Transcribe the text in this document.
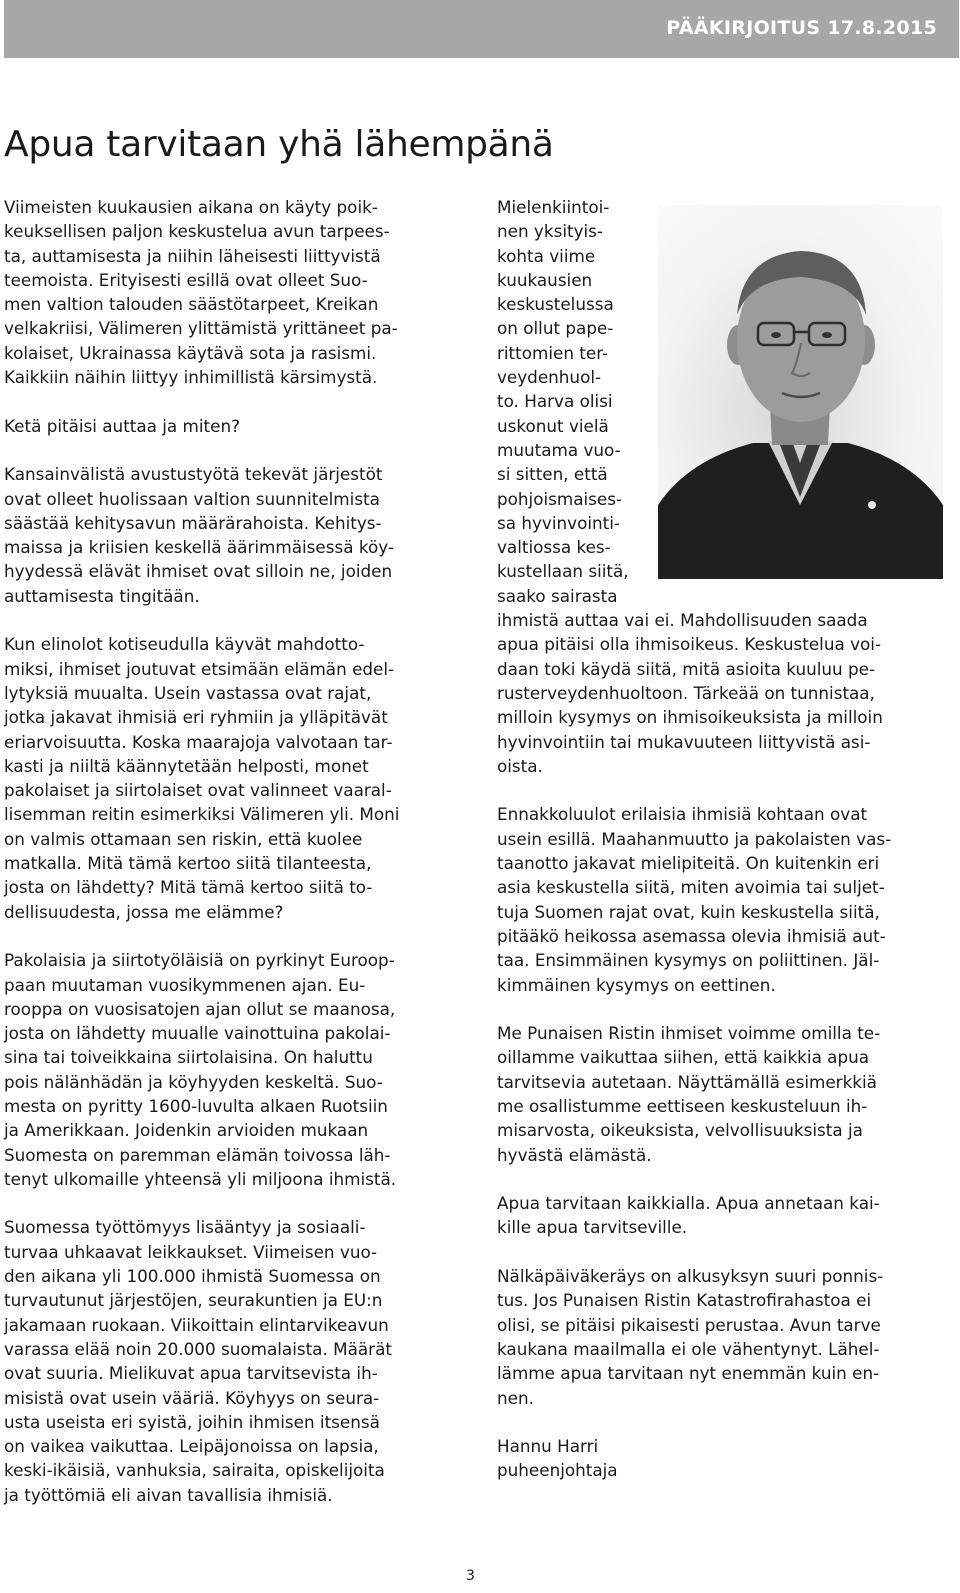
PÄÄKIRJOITUS 17.8.2015
Apua tarvitaan yhä lähempänä

Viimeisten kuukausien aikana on käyty poik-
keuksellisen paljon keskustelua avun tarpees-
ta, auttamisesta ja niihin läheisesti liittyvistä
teemoista. Erityisesti esillä ovat olleet Suo-
men valtion talouden säästötarpeet, Kreikan
velkakriisi, Välimeren ylittämistä yrittäneet pa-
kolaiset, Ukrainassa käytävä sota ja rasismi.
Kaikkiin näihin liittyy inhimillistä kärsimystä.

Ketä pitäisi auttaa ja miten?

Kansainvälistä avustustyötä tekevät järjestöt
ovat olleet huolissaan valtion suunnitelmista
säästää kehitysavun määrärahoista. Kehitys-
maissa ja kriisien keskellä äärimmäisessä köy-
hyydessä elävät ihmiset ovat silloin ne, joiden
auttamisesta tingitään.

Kun elinolot kotiseudulla käyvät mahdotto-
miksi, ihmiset joutuvat etsimään elämän edel-
lytyksiä muualta. Usein vastassa ovat rajat,
jotka jakavat ihmisiä eri ryhmiin ja ylläpitävät
eriarvoisuutta. Koska maarajoja valvotaan tar-
kasti ja niiltä käännytetään helposti, monet
pakolaiset ja siirtolaiset ovat valinneet vaaral-
lisemman reitin esimerkiksi Välimeren yli. Moni
on valmis ottamaan sen riskin, että kuolee
matkalla. Mitä tämä kertoo siitä tilanteesta,
josta on lähdetty? Mitä tämä kertoo siitä to-
dellisuudesta, jossa me elämme?

Pakolaisia ja siirtotyöläisiä on pyrkinyt Euroop-
paan muutaman vuosikymmenen ajan. Eu-
rooppa on vuosisatojen ajan ollut se maanosa,
josta on lähdetty muualle vainottuina pakolai-
sina tai toiveikkaina siirtolaisina. On haluttu
pois nälänhädän ja köyhyyden keskeltä. Suo-
mesta on pyritty 1600-luvulta alkaen Ruotsiin
ja Amerikkaan. Joidenkin arvioiden mukaan
Suomesta on paremman elämän toivossa läh-
tenyt ulkomaille yhteensä yli miljoona ihmistä.

Suomessa työttömyys lisääntyy ja sosiaali-
turvaa uhkaavat leikkaukset. Viimeisen vuo-
den aikana yli 100.000 ihmistä Suomessa on
turvautunut järjestöjen, seurakuntien ja EU:n
jakamaan ruokaan. Viikoittain elintarvikeavun
varassa elää noin 20.000 suomalaista. Määrät
ovat suuria. Mielikuvat apua tarvitsevista ih-
misistä ovat usein vääriä. Köyhyys on seura-
usta useista eri syistä, joihin ihmisen itsensä
on vaikea vaikuttaa. Leipäjonoissa on lapsia,
keski-ikäisiä, vanhuksia, sairaita, opiskelijoita
ja työttömiä eli aivan tavallisia ihmisiä.

Mielenkiintoi-
nen yksityis-
kohta viime
kuukausien
keskustelussa
on ollut pape-
rittomien ter-
veydenhuol-
to. Harva olisi
uskonut vielä
muutama vuo-
si sitten, että
pohjoismaises-
sa hyvinvointi-
valtiossa kes-
kustellaan siitä,
saako sairasta
ihmistä auttaa vai ei. Mahdollisuuden saada
apua pitäisi olla ihmisoikeus. Keskustelua voi-
daan toki käydä siitä, mitä asioita kuuluu pe-
rusterveydenhuoltoon. Tärkeää on tunnistaa,
milloin kysymys on ihmisoikeuksista ja milloin
hyvinvointiin tai mukavuuteen liittyvistä asi-
oista.

Ennakkoluulot erilaisia ihmisiä kohtaan ovat
usein esillä. Maahanmuutto ja pakolaisten vas-
taanotto jakavat mielipiteitä. On kuitenkin eri
asia keskustella siitä, miten avoimia tai suljet-
tuja Suomen rajat ovat, kuin keskustella siitä,
pitääkö heikossa asemassa olevia ihmisiä aut-
taa. Ensimmäinen kysymys on poliittinen. Jäl-
kimmäinen kysymys on eettinen.

Me Punaisen Ristin ihmiset voimme omilla te-
oillamme vaikuttaa siihen, että kaikkia apua
tarvitsevia autetaan. Näyttämällä esimerkkiä
me osallistumme eettiseen keskusteluun ih-
misarvosta, oikeuksista, velvollisuuksista ja
hyvästä elämästä.

Apua tarvitaan kaikkialla. Apua annetaan kai-
kille apua tarvitseville.

Nälkäpäiväkeräys on alkusyksyn suuri ponnis-
tus. Jos Punaisen Ristin Katastrofirahastoa ei
olisi, se pitäisi pikaisesti perustaa. Avun tarve
kaukana maailmalla ei ole vähentynyt. Lähel-
lämme apua tarvitaan nyt enemmän kuin en-
nen.

Hannu Harri
puheenjohtaja

3
